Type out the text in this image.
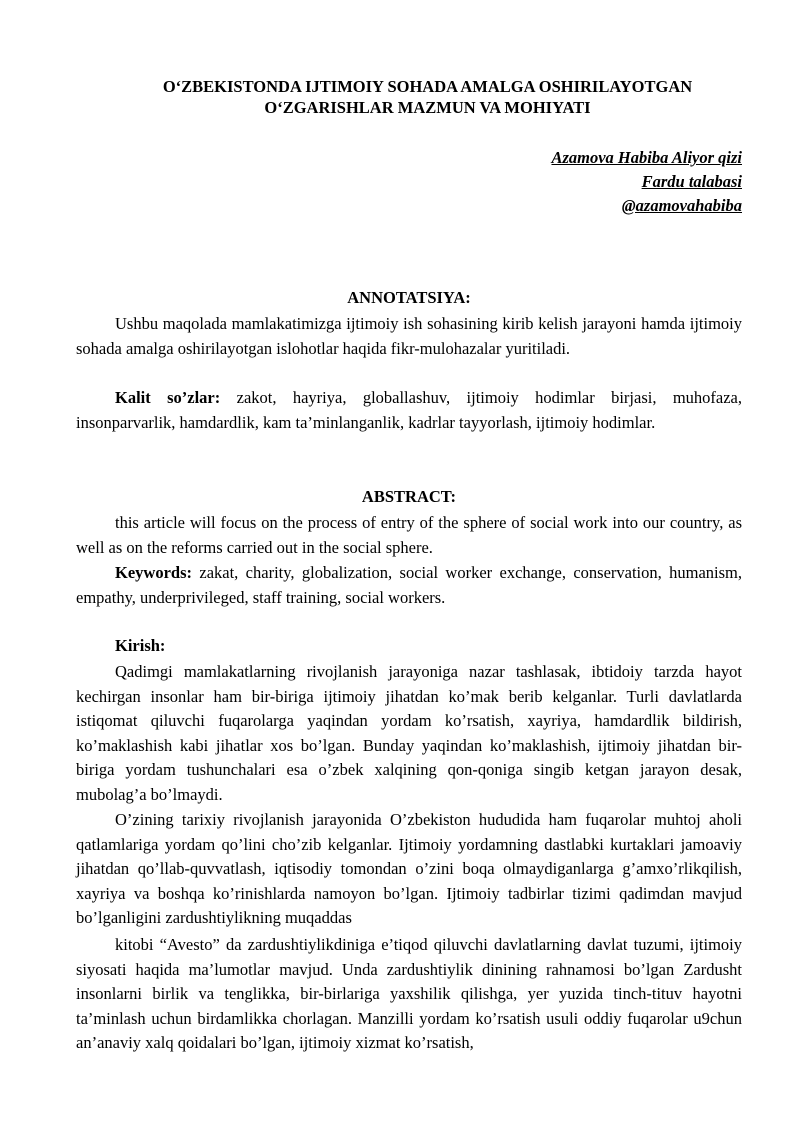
O‘ZBEKISTONDA IJTIMOIY SOHADA AMALGA OSHIRILAYOTGAN
O‘ZGARISHLAR MAZMUN VA MOHIYATI
Azamova Habiba Aliyor qizi
Fardu talabasi
@azamovahabiba
ANNOTATSIYA:
Ushbu maqolada mamlakatimizga ijtimoiy ish sohasining kirib kelish jarayoni hamda ijtimoiy sohada amalga oshirilayotgan islohotlar haqida fikr-mulohazalar yuritiladi.
Kalit so’zlar: zakot, hayriya, globallashuv, ijtimoiy hodimlar birjasi, muhofaza, insonparvarlik, hamdardlik, kam ta’minlanganlik, kadrlar tayyorlash, ijtimoiy hodimlar.
ABSTRACT:
this article will focus on the process of entry of the sphere of social work into our country, as well as on the reforms carried out in the social sphere.
Keywords: zakat, charity, globalization, social worker exchange, conservation, humanism, empathy, underprivileged, staff training, social workers.
Kirish:
Qadimgi mamlakatlarning rivojlanish jarayoniga nazar tashlasak, ibtidoiy tarzda hayot kechirgan insonlar ham bir-biriga ijtimoiy jihatdan ko’mak berib kelganlar. Turli davlatlarda istiqomat qiluvchi fuqarolarga yaqindan yordam ko’rsatish, xayriya, hamdardlik bildirish, ko’maklashish kabi jihatlar xos bo’lgan. Bunday yaqindan ko’maklashish, ijtimoiy jihatdan bir-biriga yordam tushunchalari esa o’zbek xalqining qon-qoniga singib ketgan jarayon desak, mubolag’a bo’lmaydi.
O’zining tarixiy rivojlanish jarayonida O’zbekiston hududida ham fuqarolar muhtoj aholi qatlamlariga yordam qo’lini cho’zib kelganlar. Ijtimoiy yordamning dastlabki kurtaklari jamoaviy jihatdan qo’llab-quvvatlash, iqtisodiy tomondan o’zini boqa olmaydiganlarga g’amxo’rlikqilish, xayriya va boshqa ko’rinishlarda namoyon bo’lgan. Ijtimoiy tadbirlar tizimi qadimdan mavjud bo’lganligini zardushtiylikning muqaddas
kitobi “Avesto” da zardushtiylikdiniga e’tiqod qiluvchi davlatlarning davlat tuzumi, ijtimoiy siyosati haqida ma’lumotlar mavjud. Unda zardushtiylik dinining rahnamosi bo’lgan Zardusht insonlarni birlik va tenglikka, bir-birlariga yaxshilik qilishga, yer yuzida tinch-tituv hayotni ta’minlash uchun birdamlikka chorlagan. Manzilli yordam ko’rsatish usuli oddiy fuqarolar u9chun an’anaviy xalq qoidalari bo’lgan, ijtimoiy xizmat ko’rsatish,
